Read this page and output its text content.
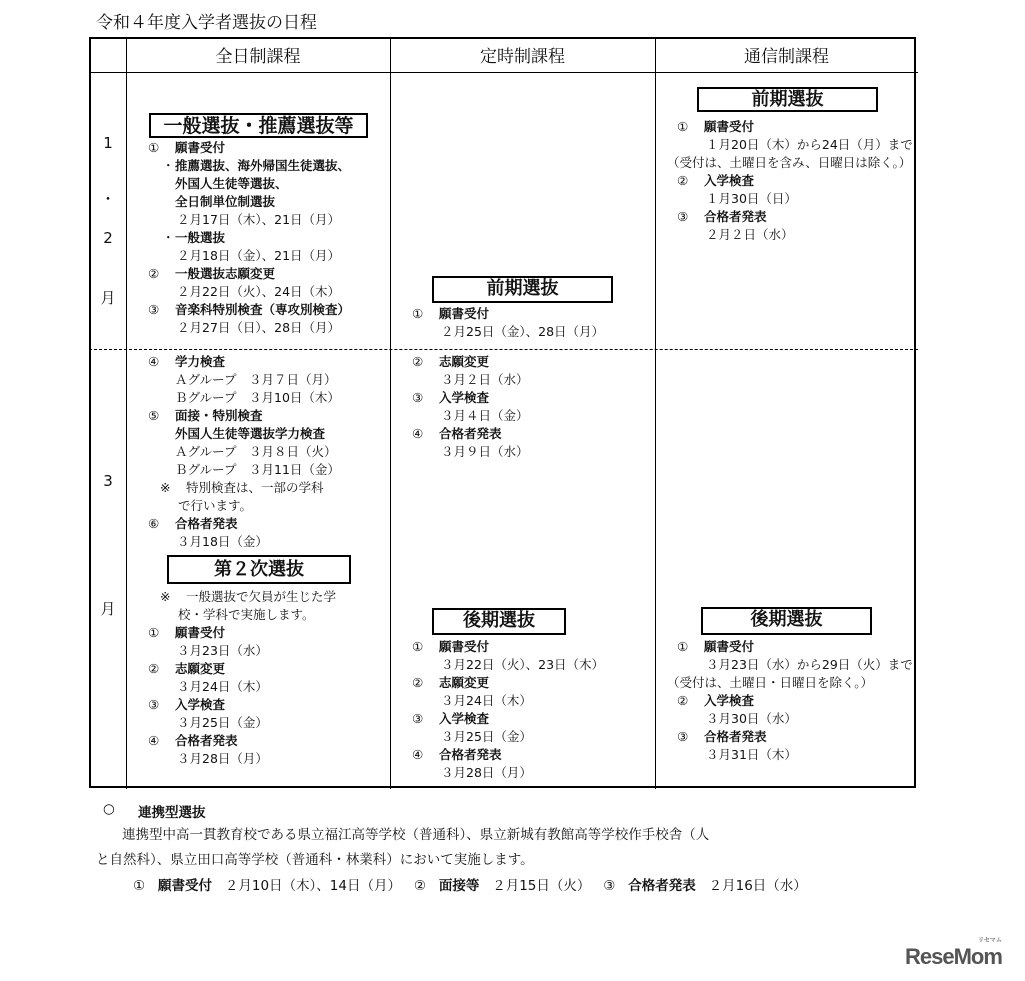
令和４年度入学者選抜の日程
全日制課程	定時制課程	通信制課程
1
・
2
月
3
月
一般選抜・推薦選抜等
① 願書受付
・推薦選抜、海外帰国生徒選抜、
外国人生徒等選抜、
全日制単位制選抜
２月17日（木）、21日（月）
・一般選抜
２月18日（金）、21日（月）
② 一般選抜志願変更
２月22日（火）、24日（木）
③ 音楽科特別検査（専攻別検査）
２月27日（日）、28日（月）
④ 学力検査
Ａグループ　３月７日（月）
Ｂグループ　３月10日（木）
⑤ 面接・特別検査
外国人生徒等選抜学力検査
Ａグループ　３月８日（火）
Ｂグループ　３月11日（金）
※ 特別検査は、一部の学科
で行います。
⑥ 合格者発表
３月18日（金）
第２次選抜
※ 一般選抜で欠員が生じた学
校・学科で実施します。
① 願書受付
３月23日（水）
② 志願変更
３月24日（木）
③ 入学検査
３月25日（金）
④ 合格者発表
３月28日（月）
前期選抜
① 願書受付
２月25日（金）、28日（月）
② 志願変更
３月２日（水）
③ 入学検査
３月４日（金）
④ 合格者発表
３月９日（水）
後期選抜
① 願書受付
３月22日（火）、23日（木）
② 志願変更
３月24日（木）
③ 入学検査
３月25日（金）
④ 合格者発表
３月28日（月）
前期選抜
① 願書受付
１月20日（木）から24日（月）まで
（受付は、土曜日を含み、日曜日は除く。）
② 入学検査
１月30日（日）
③ 合格者発表
２月２日（水）
後期選抜
① 願書受付
３月23日（水）から29日（火）まで
（受付は、土曜日・日曜日を除く。）
② 入学検査
３月30日（水）
③ 合格者発表
３月31日（木）
○ 連携型選抜
連携型中高一貫教育校である県立福江高等学校（普通科）、県立新城有教館高等学校作手校舎（人
と自然科）、県立田口高等学校（普通科・林業科）において実施します。
① 願書受付 ２月10日（木）、14日（月） ② 面接等 ２月15日（火） ③ 合格者発表 ２月16日（水）
ReseMom
リセマム
